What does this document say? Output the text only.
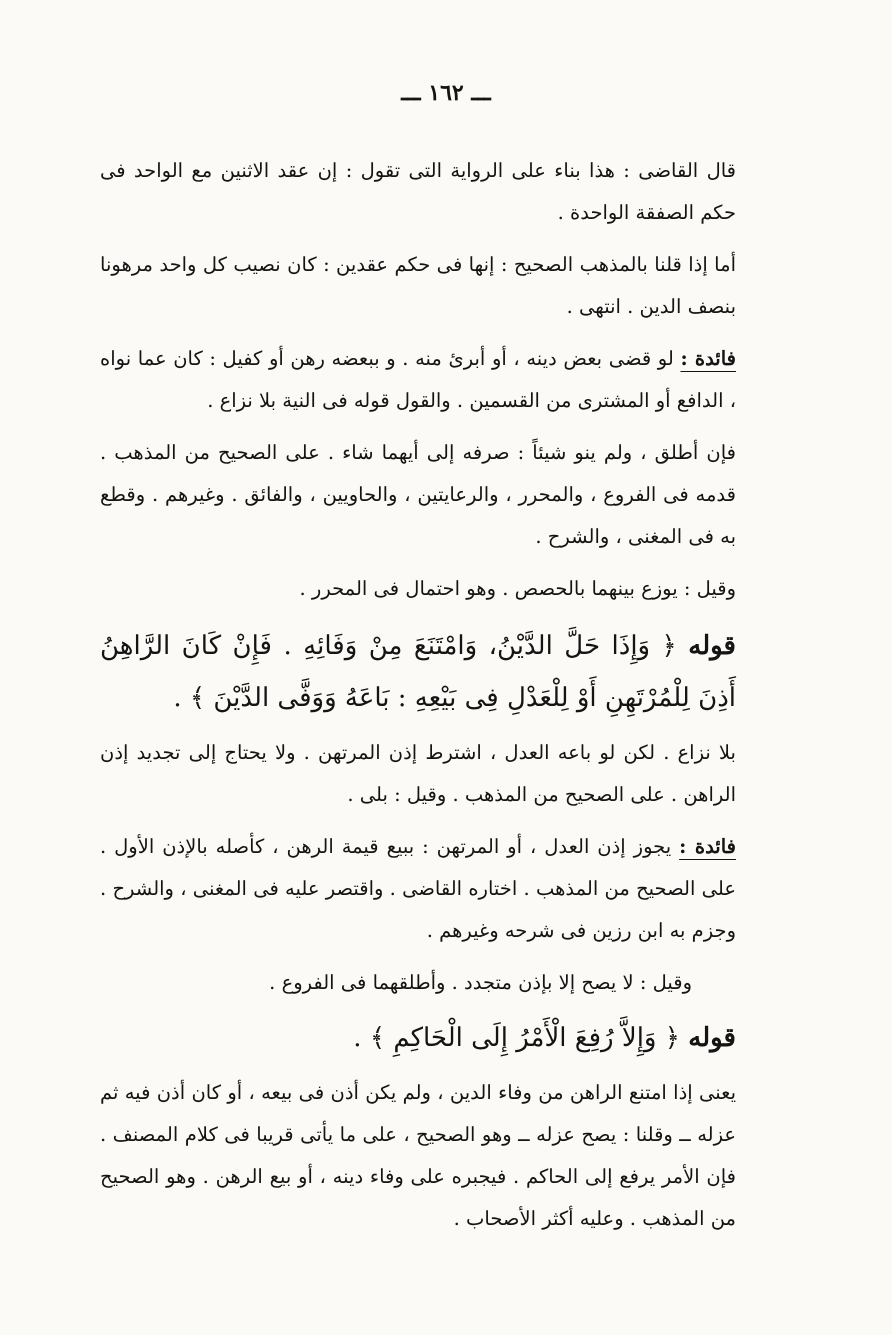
ـــ ١٦٢ ـــ

قال القاضى : هذا بناء على الرواية التى تقول : إن عقد الاثنين مع الواحد فى حكم الصفقة الواحدة .

أما إذا قلنا بالمذهب الصحيح : إنها فى حكم عقدين : كان نصيب كل واحد مرهونا بنصف الدين . انتهى .

فائدة : لو قضى بعض دينه ، أو أبرئ منه . و ببعضه رهن أو كفيل : كان عما نواه ، الدافع أو المشترى من القسمين . والقول قوله فى النية بلا نزاع .

فإن أطلق ، ولم ينو شيئاً : صرفه إلى أيهما شاء . على الصحيح من المذهب . قدمه فى الفروع ، والمحرر ، والرعايتين ، والحاويين ، والفائق . وغيرهم . وقطع به فى المغنى ، والشرح .

وقيل : يوزع بينهما بالحصص . وهو احتمال فى المحرر .

قوله ﴿ وَإِذَا حَلَّ الدَّيْنُ، وَامْتَنَعَ مِنْ وَفَائِهِ . فَإِنْ كَانَ الرَّاهِنُ أَذِنَ لِلْمُرْتَهِنِ أَوْ لِلْعَدْلِ فِى بَيْعِهِ : بَاعَهُ وَوَفَّى الدَّيْنَ ﴾ .

بلا نزاع . لكن لو باعه العدل ، اشترط إذن المرتهن . ولا يحتاج إلى تجديد إذن الراهن . على الصحيح من المذهب . وقيل : بلى .

فائدة : يجوز إذن العدل ، أو المرتهن : ببيع قيمة الرهن ، كأصله بالإذن الأول . على الصحيح من المذهب . اختاره القاضى . واقتصر عليه فى المغنى ، والشرح . وجزم به ابن رزين فى شرحه وغيرهم .

وقيل : لا يصح إلا بإذن متجدد . وأطلقهما فى الفروع .

قوله ﴿ وَإِلاَّ رُفِعَ الْأَمْرُ إِلَى الْحَاكِمِ ﴾ .

يعنى إذا امتنع الراهن من وفاء الدين ، ولم يكن أذن فى بيعه ، أو كان أذن فيه ثم عزله ــ وقلنا : يصح عزله ــ وهو الصحيح ، على ما يأتى قريبا فى كلام المصنف . فإن الأمر يرفع إلى الحاكم . فيجبره على وفاء دينه ، أو بيع الرهن . وهو الصحيح من المذهب . وعليه أكثر الأصحاب .
